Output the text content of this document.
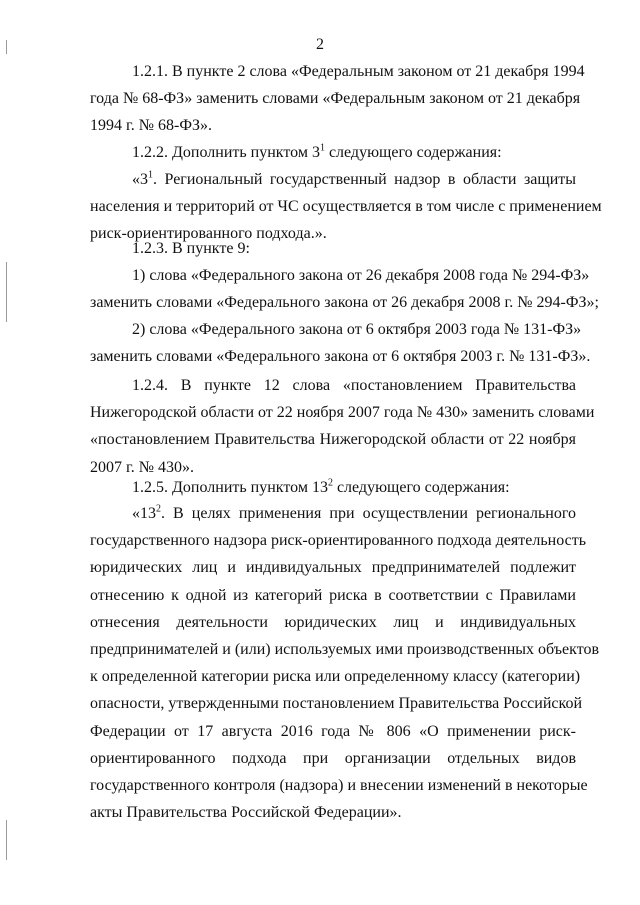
2
1.2.1. В пункте 2 слова «Федеральным законом от 21 декабря 1994
года № 68-ФЗ» заменить словами «Федеральным законом от 21 декабря
1994 г. № 68-ФЗ».
1.2.2. Дополнить пунктом $3^1$ следующего содержания:
«$3^1$. Региональный государственный надзор в области защиты
населения и территорий от ЧС осуществляется в том числе с применением
риск-ориентированного подхода.».
1.2.3. В пункте 9:
1) слова «Федерального закона от 26 декабря 2008 года № 294-ФЗ»
заменить словами «Федерального закона от 26 декабря 2008 г. № 294-ФЗ»;
2) слова «Федерального закона от 6 октября 2003 года № 131-ФЗ»
заменить словами «Федерального закона от 6 октября 2003 г. № 131-ФЗ».
1.2.4. В пункте 12 слова «постановлением Правительства
Нижегородской области от 22 ноября 2007 года № 430» заменить словами
«постановлением Правительства Нижегородской области от 22 ноября
2007 г. № 430».
1.2.5. Дополнить пунктом $13^2$ следующего содержания:
«$13^2$. В целях применения при осуществлении регионального
государственного надзора риск-ориентированного подхода деятельность
юридических лиц и индивидуальных предпринимателей подлежит
отнесению к одной из категорий риска в соответствии с Правилами
отнесения деятельности юридических лиц и индивидуальных
предпринимателей и (или) используемых ими производственных объектов
к определенной категории риска или определенному классу (категории)
опасности, утвержденными постановлением Правительства Российской
Федерации от 17 августа 2016 года № 806 «О применении риск-
ориентированного подхода при организации отдельных видов
государственного контроля (надзора) и внесении изменений в некоторые
акты Правительства Российской Федерации».
